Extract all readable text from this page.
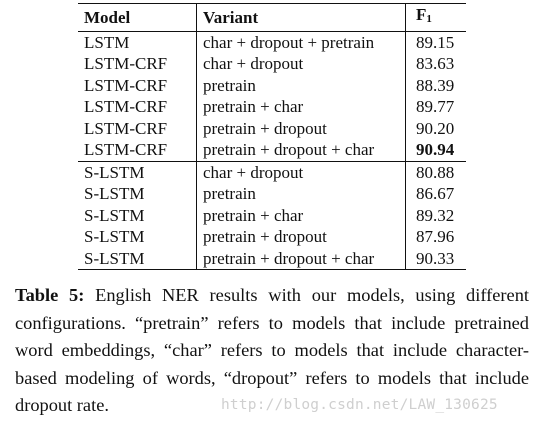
Model	Variant	F1
LSTM	char + dropout + pretrain	89.15
LSTM-CRF	char + dropout	83.63
LSTM-CRF	pretrain	88.39
LSTM-CRF	pretrain + char	89.77
LSTM-CRF	pretrain + dropout	90.20
LSTM-CRF	pretrain + dropout + char	90.94
S-LSTM	char + dropout	80.88
S-LSTM	pretrain	86.67
S-LSTM	pretrain + char	89.32
S-LSTM	pretrain + dropout	87.96
S-LSTM	pretrain + dropout + char	90.33

Table 5: English NER results with our models, using different configurations. “pretrain” refers to models that include pretrained word embeddings, “char” refers to models that include character-based modeling of words, “dropout” refers to models that include dropout rate.	http://blog.csdn.net/LAW_130625
